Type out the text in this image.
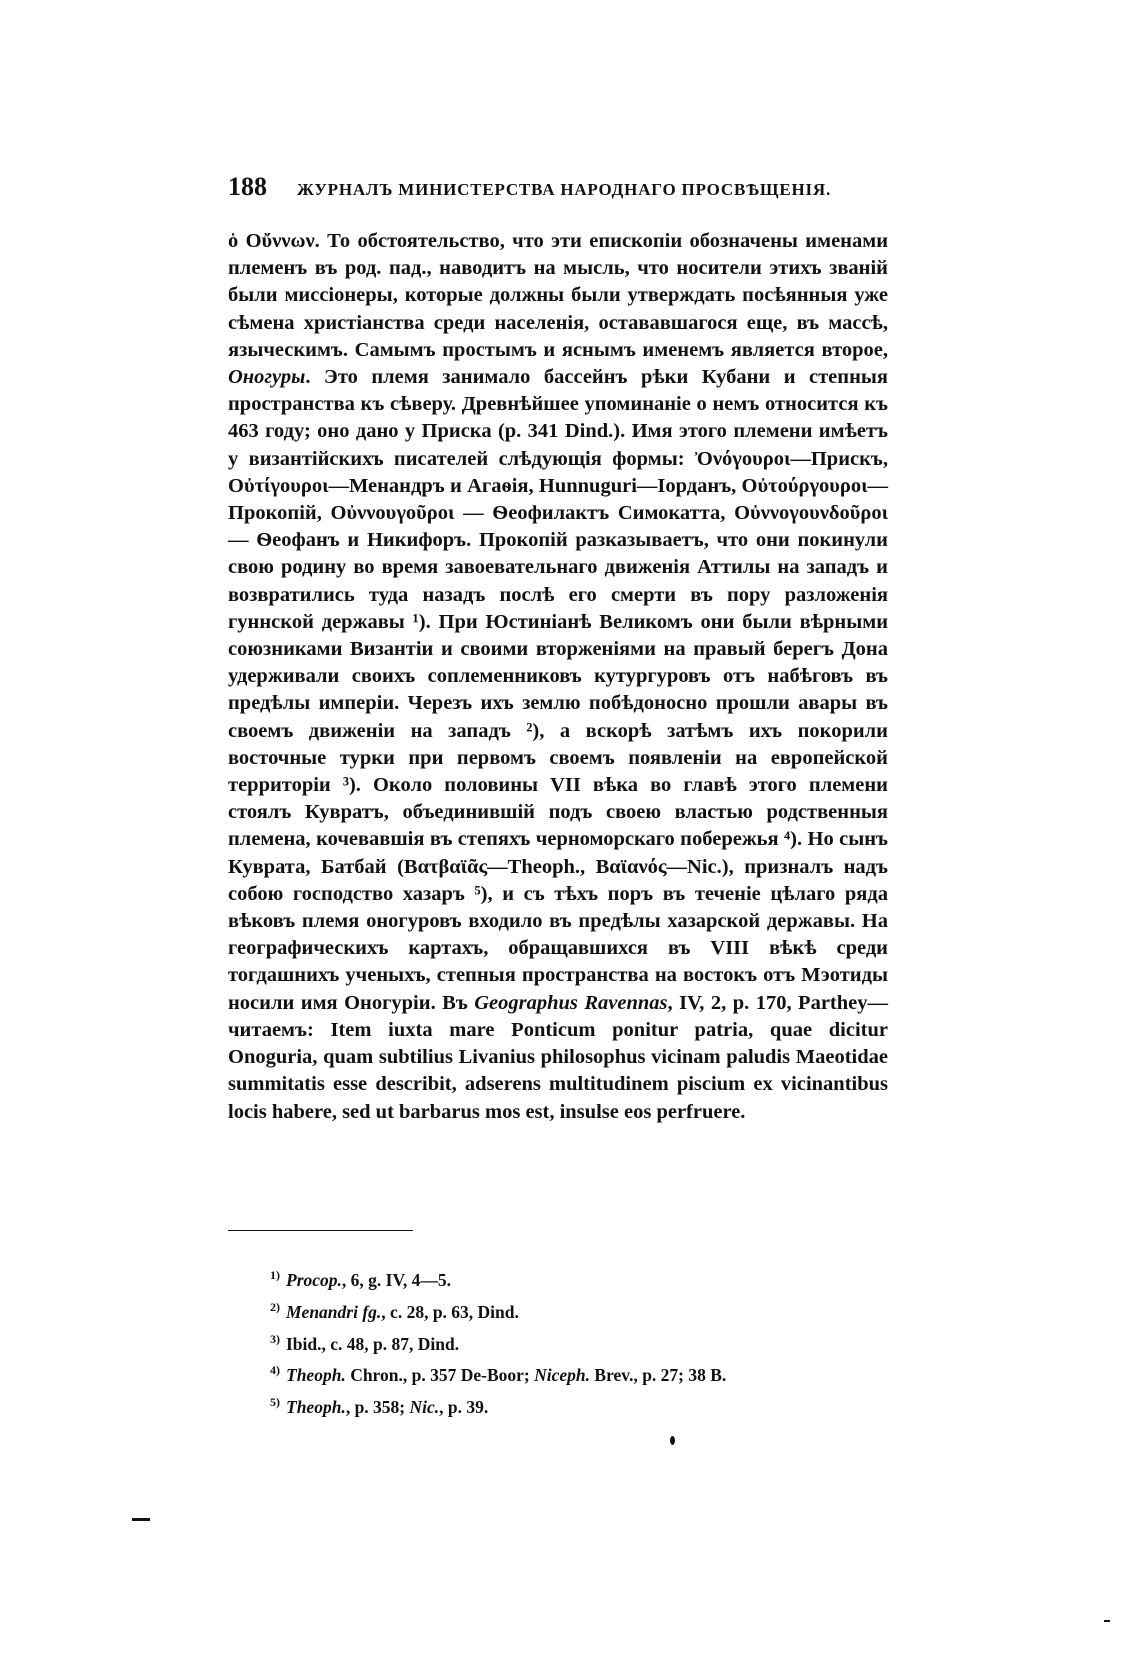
188 ЖУРНАЛЪ МИНИСТЕРСТВА НАРОДНАГО ПРОСВѢЩЕНІЯ.
ὁ Οὔννων. То обстоятельство, что эти епископіи обозначены именами племенъ въ род. пад., наводитъ на мысль, что носители этихъ званій были миссіонеры, которые должны были утверждать посѣянныя уже сѣмена христіанства среди населенія, остававшагося еще, въ массѣ, языческимъ. Самымъ простымъ и яснымъ именемъ является второе, Оногуры. Это племя занимало бассейнъ рѣки Кубани и степныя пространства къ сѣверу. Древнѣйшее упоминаніе о немъ относится къ 463 году; оно дано у Приска (p. 341 Dind.). Имя этого племени имѣетъ у византійскихъ писателей слѣдующія формы: Ὀνόγουροι—Прискъ, Οὐτίγουροι—Менандръ и Агаѳія, Hunnuguri—Iорданъ, Οὐτούργουροι—Прокопій, Οὐννουγοῦροι — Ѳеофилактъ Симокатта, Οὐννογουνδοῦροι — Ѳеофанъ и Никифоръ. Прокопій разказываетъ, что они покинули свою родину во время завоевательнаго движенія Аттилы на западъ и возвратились туда назадъ послѣ его смерти въ пору разложенія гуннской державы ¹). При Юстиніанѣ Великомъ они были вѣрными союзниками Византіи и своими вторженіями на правый берегъ Дона удерживали своихъ соплеменниковъ кутургуровъ отъ набѣговъ въ предѣлы имперіи. Черезъ ихъ землю побѣдоносно прошли авары въ своемъ движеніи на западъ ²), а вскорѣ затѣмъ ихъ покорили восточные турки при первомъ своемъ появленіи на европейской территоріи ³). Около половины VII вѣка во главѣ этого племени стоялъ Кувратъ, объединившій подъ своею властью родственныя племена, кочевавшія въ степяхъ черноморскаго побережья ⁴). Но сынъ Куврата, Батбай (Βατβαϊᾶς—Theoph., Βαϊανός—Nic.), призналъ надъ собою господство хазаръ ⁵), и съ тѣхъ поръ въ теченіе цѣлаго ряда вѣковъ племя оногуровъ входило въ предѣлы хазарской державы. На географическихъ картахъ, обращавшихся въ VIII вѣкѣ среди тогдашнихъ ученыхъ, степныя пространства на востокъ отъ Мэотиды носили имя Оногуріи. Въ Geographus Ravennas, IV, 2, p. 170, Parthey—читаемъ: Item iuxta mare Ponticum ponitur patria, quae dicitur Onoguria, quam subtilius Livanius philosophus vicinam paludis Maeotidae summitatis esse describit, adserens multitudinem piscium ex vicinantibus locis habere, sed ut barbarus mos est, insulse eos perfruere.
$^{1)}$ Procop., 6, g. IV, 4—5.
$^{2)}$ Menandri fg., c. 28, p. 63, Dind.
$^{3)}$ Ibid., c. 48, p. 87, Dind.
$^{4)}$ Theoph. Chron., p. 357 De-Boor; Niceph. Brev., p. 27; 38 B.
$^{5)}$ Theoph., p. 358; Nic., p. 39.
